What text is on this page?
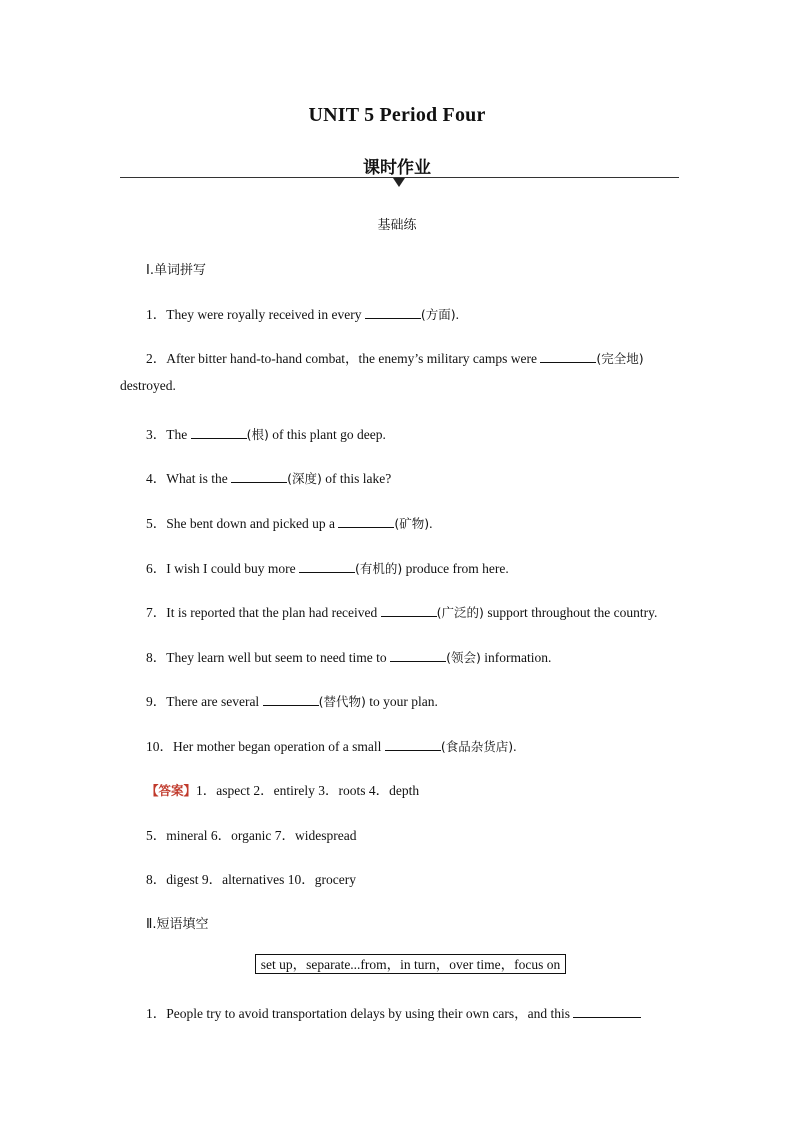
UNIT 5 Period Four
课时作业
基础练
Ⅰ.单词拼写
1．They were royally received in every	(方面).
2．After bitter hand-to-hand combat，the enemy’s military camps were	(完全地)
destroyed.
3．The	(根) of this plant go deep.
4．What is the	(深度) of this lake?
5．She bent down and picked up a	(矿物).
6．I wish I could buy more	(有机的) produce from here.
7．It is reported that the plan had received	(广泛的) support throughout the country.
8．They learn well but seem to need time to	(领会) information.
9．There are several	(替代物) to your plan.
10．Her mother began operation of a small	(食品杂货店).
【答案】1．aspect 2．entirely 3．roots 4．depth
5．mineral 6．organic 7．widespread
8．digest 9．alternatives 10．grocery
Ⅱ.短语填空
set up，separate...from，in turn，over time，focus on
1．People try to avoid transportation delays by using their own cars，and this
